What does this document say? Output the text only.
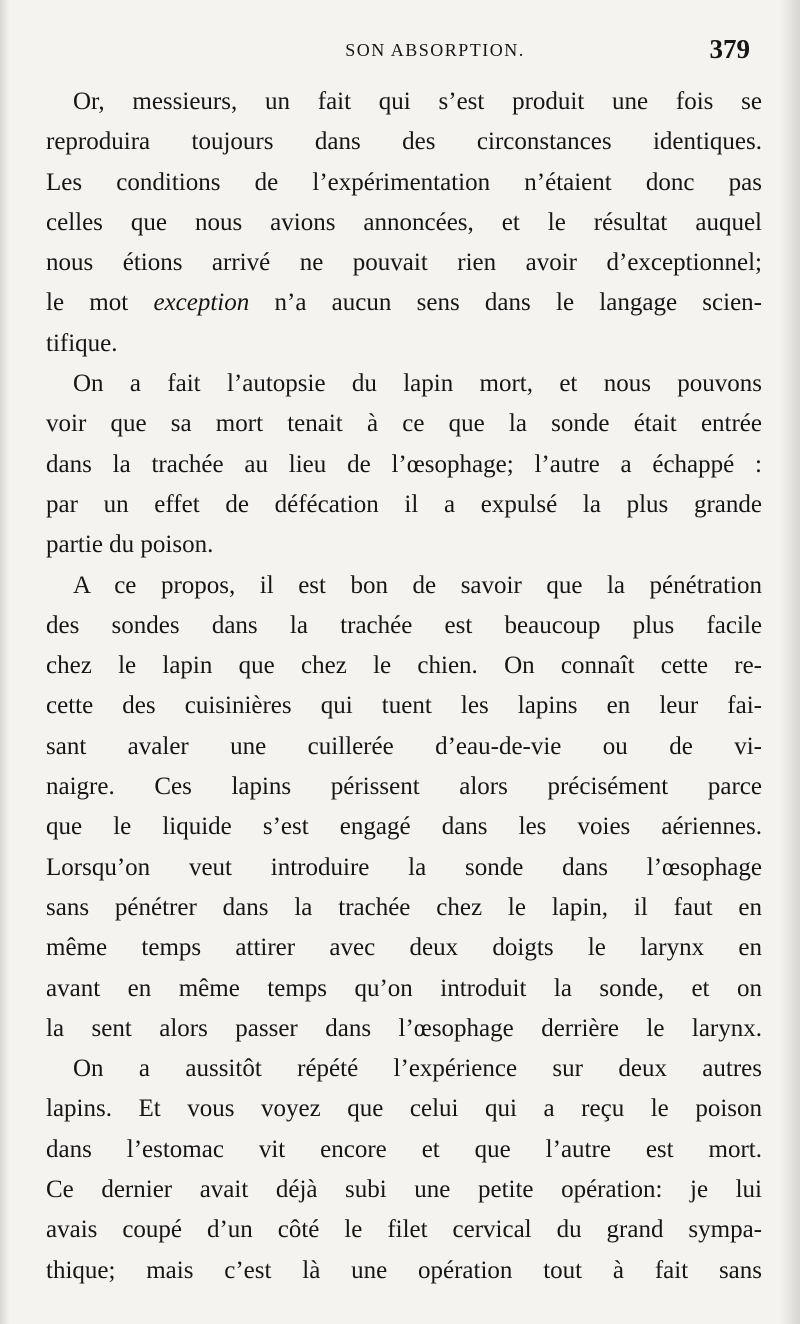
SON ABSORPTION.	379
Or, messieurs, un fait qui s’est produit une fois se
reproduira toujours dans des circonstances identiques.
Les conditions de l’expérimentation n’étaient donc pas
celles que nous avions annoncées, et le résultat auquel
nous étions arrivé ne pouvait rien avoir d’exceptionnel;
le mot exception n’a aucun sens dans le langage scien-
tifique.
On a fait l’autopsie du lapin mort, et nous pouvons
voir que sa mort tenait à ce que la sonde était entrée
dans la trachée au lieu de l’œsophage; l’autre a échappé :
par un effet de défécation il a expulsé la plus grande
partie du poison.
A ce propos, il est bon de savoir que la pénétration
des sondes dans la trachée est beaucoup plus facile
chez le lapin que chez le chien. On connaît cette re-
cette des cuisinières qui tuent les lapins en leur fai-
sant avaler une cuillerée d’eau-de-vie ou de vi-
naigre. Ces lapins périssent alors précisément parce
que le liquide s’est engagé dans les voies aériennes.
Lorsqu’on veut introduire la sonde dans l’œsophage
sans pénétrer dans la trachée chez le lapin, il faut en
même temps attirer avec deux doigts le larynx en
avant en même temps qu’on introduit la sonde, et on
la sent alors passer dans l’œsophage derrière le larynx.
On a aussitôt répété l’expérience sur deux autres
lapins. Et vous voyez que celui qui a reçu le poison
dans l’estomac vit encore et que l’autre est mort.
Ce dernier avait déjà subi une petite opération: je lui
avais coupé d’un côté le filet cervical du grand sympa-
thique; mais c’est là une opération tout à fait sans
